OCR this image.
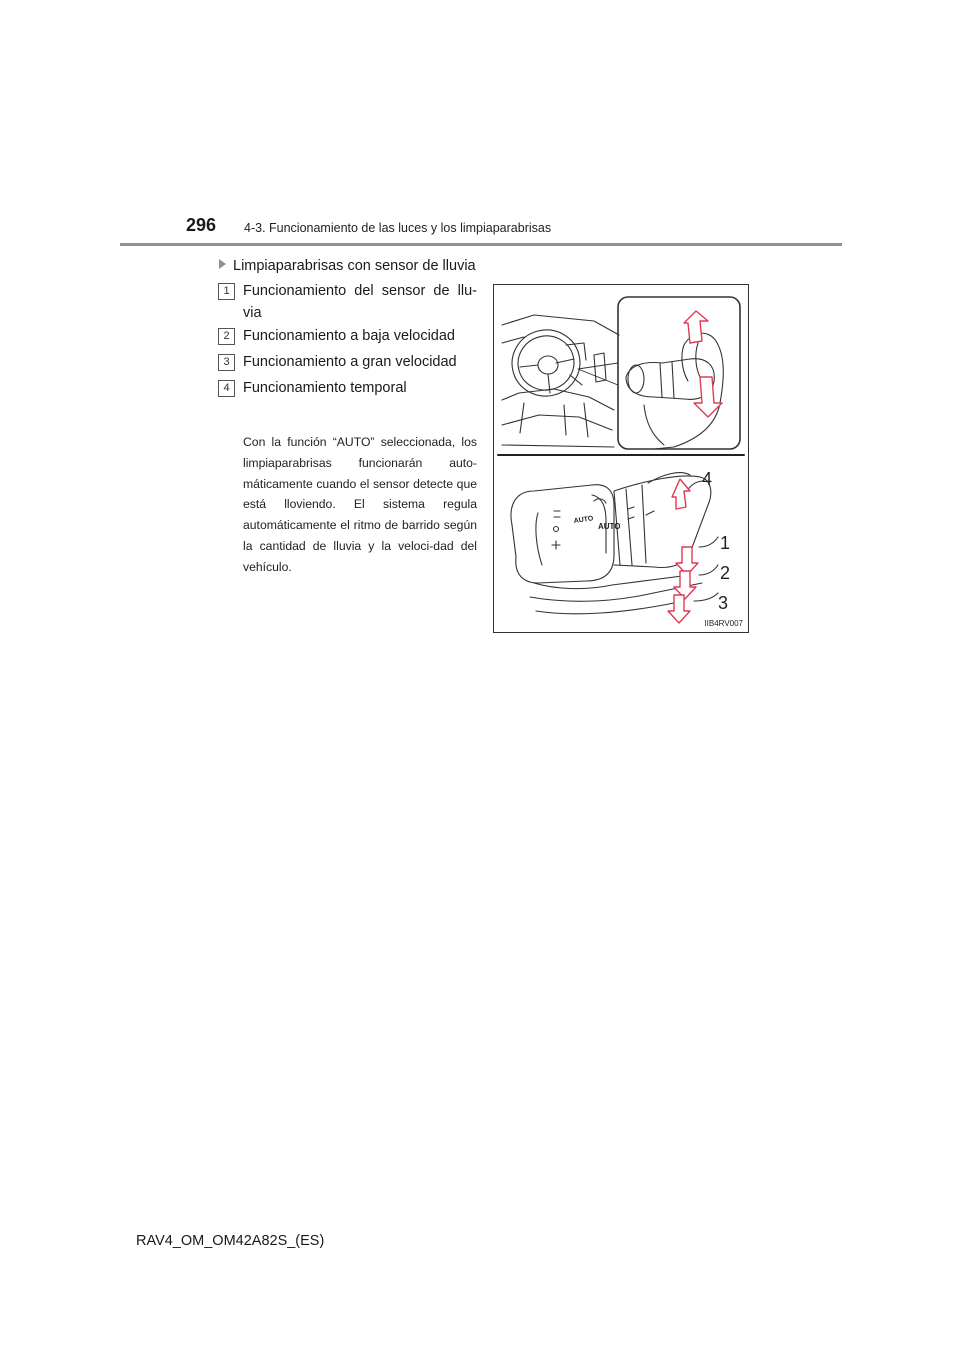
296 4-3. Funcionamiento de las luces y los limpiaparabrisas
Limpiaparabrisas con sensor de lluvia
1 Funcionamiento del sensor de llu-via
2 Funcionamiento a baja velocidad
3 Funcionamiento a gran velocidad
4 Funcionamiento temporal
Con la función “AUTO” seleccionada, los limpiaparabrisas funcionarán auto-máticamente cuando el sensor detecte que está lloviendo. El sistema regula automáticamente el ritmo de barrido según la cantidad de lluvia y la veloci-dad del vehículo.
AUTO
AUTO
4
1
2
3
IIB4RV007
RAV4_OM_OM42A82S_(ES)
